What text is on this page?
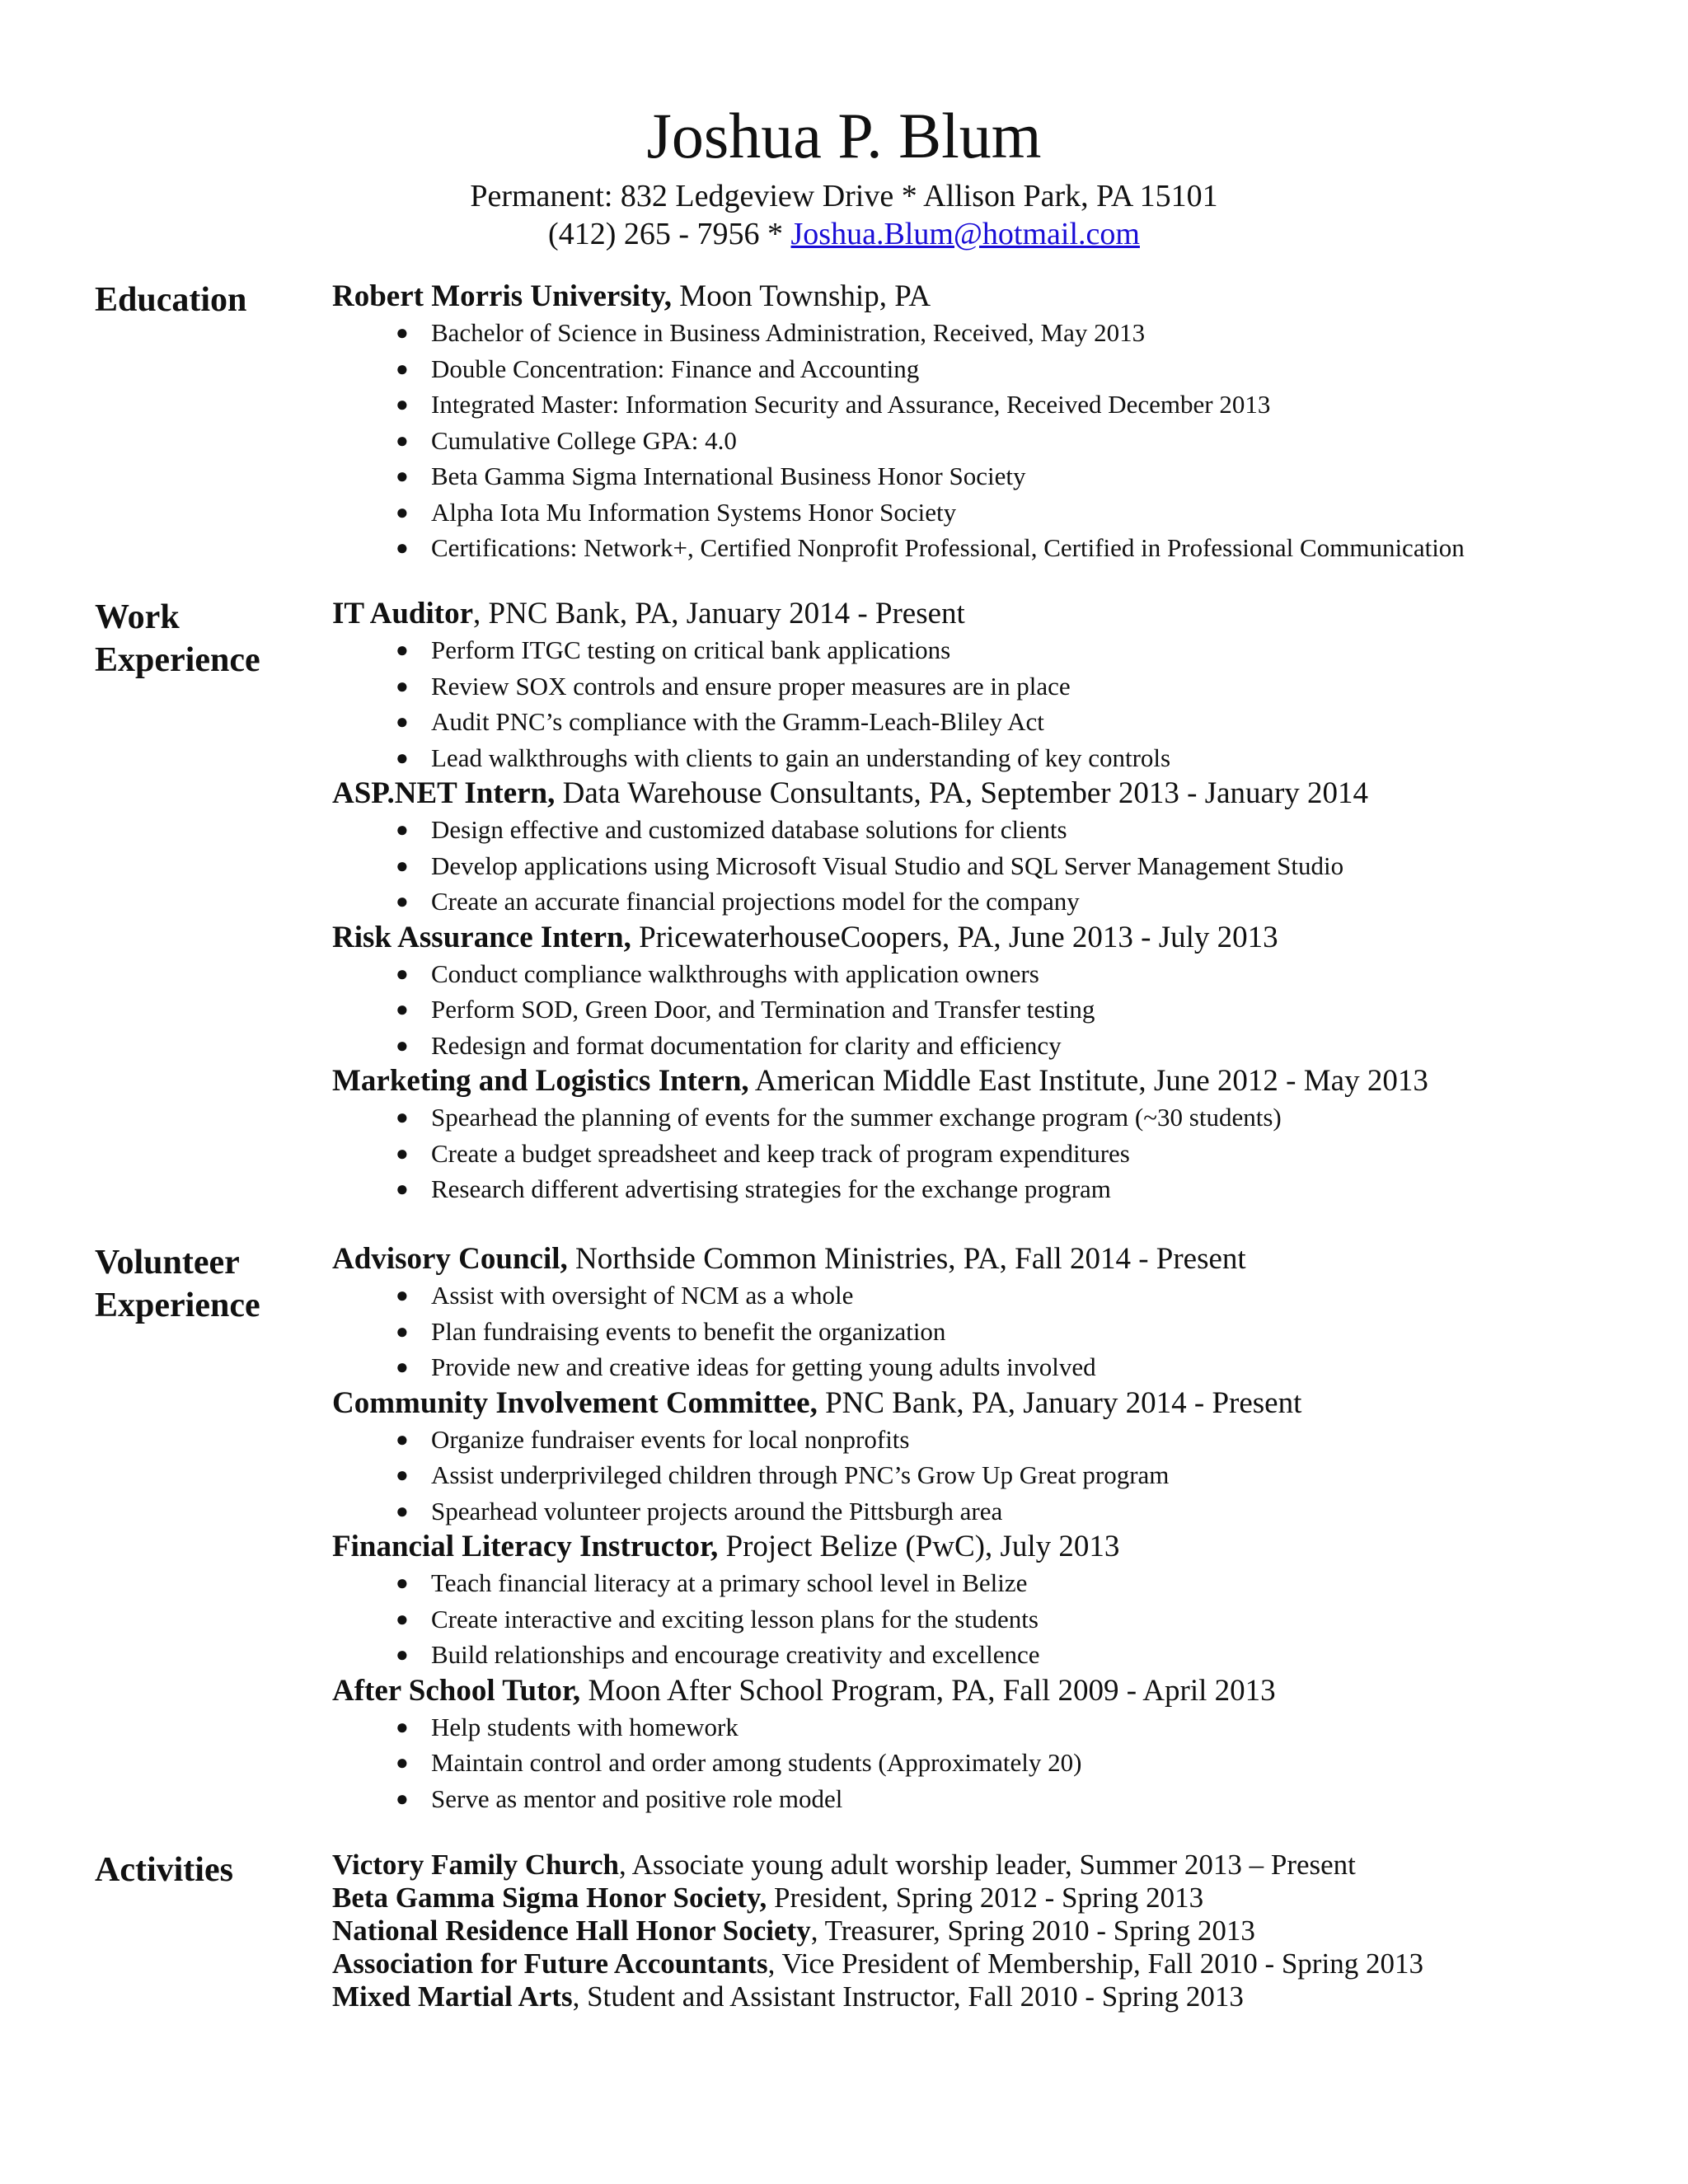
Joshua P. Blum
Permanent: 832 Ledgeview Drive * Allison Park, PA 15101
(412) 265 - 7956 * Joshua.Blum@hotmail.com
Education	Robert Morris University, Moon Township, PA
● Bachelor of Science in Business Administration, Received, May 2013
● Double Concentration: Finance and Accounting
● Integrated Master: Information Security and Assurance, Received December 2013
● Cumulative College GPA: 4.0
● Beta Gamma Sigma International Business Honor Society
● Alpha Iota Mu Information Systems Honor Society
● Certifications: Network+, Certified Nonprofit Professional, Certified in Professional Communication
Work
Experience
IT Auditor, PNC Bank, PA, January 2014 - Present
● Perform ITGC testing on critical bank applications
● Review SOX controls and ensure proper measures are in place
● Audit PNC’s compliance with the Gramm-Leach-Bliley Act
● Lead walkthroughs with clients to gain an understanding of key controls
ASP.NET Intern, Data Warehouse Consultants, PA, September 2013 - January 2014
● Design effective and customized database solutions for clients
● Develop applications using Microsoft Visual Studio and SQL Server Management Studio
● Create an accurate financial projections model for the company
Risk Assurance Intern, PricewaterhouseCoopers, PA, June 2013 - July 2013
● Conduct compliance walkthroughs with application owners
● Perform SOD, Green Door, and Termination and Transfer testing
● Redesign and format documentation for clarity and efficiency
Marketing and Logistics Intern, American Middle East Institute, June 2012 - May 2013
● Spearhead the planning of events for the summer exchange program (~30 students)
● Create a budget spreadsheet and keep track of program expenditures
● Research different advertising strategies for the exchange program
Volunteer
Experience
Advisory Council, Northside Common Ministries, PA, Fall 2014 - Present
● Assist with oversight of NCM as a whole
● Plan fundraising events to benefit the organization
● Provide new and creative ideas for getting young adults involved
Community Involvement Committee, PNC Bank, PA, January 2014 - Present
● Organize fundraiser events for local nonprofits
● Assist underprivileged children through PNC’s Grow Up Great program
● Spearhead volunteer projects around the Pittsburgh area
Financial Literacy Instructor, Project Belize (PwC), July 2013
● Teach financial literacy at a primary school level in Belize
● Create interactive and exciting lesson plans for the students
● Build relationships and encourage creativity and excellence
After School Tutor, Moon After School Program, PA, Fall 2009 - April 2013
● Help students with homework
● Maintain control and order among students (Approximately 20)
● Serve as mentor and positive role model
Activities	Victory Family Church, Associate young adult worship leader, Summer 2013 – Present
Beta Gamma Sigma Honor Society, President, Spring 2012 - Spring 2013
National Residence Hall Honor Society, Treasurer, Spring 2010 - Spring 2013
Association for Future Accountants, Vice President of Membership, Fall 2010 - Spring 2013
Mixed Martial Arts, Student and Assistant Instructor, Fall 2010 - Spring 2013
